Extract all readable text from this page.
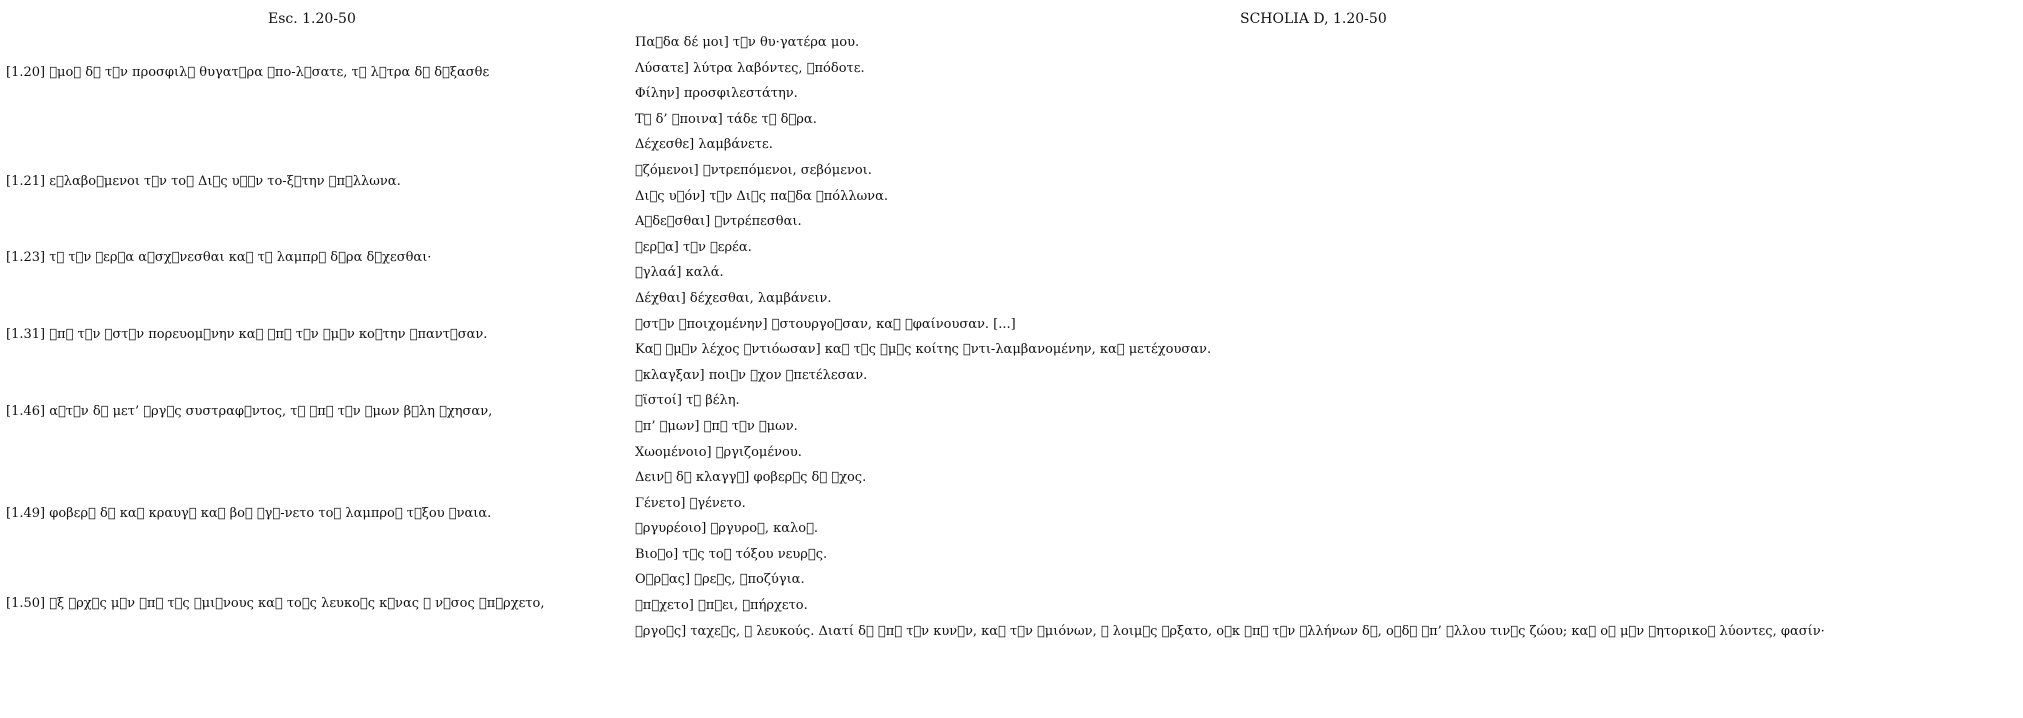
Esc. 1.20-50	SCHOLIA D, 1.20-50
[1.20] μο δ τ ν προσφιλ θυγατ ρα πο-λ σατε, τ λ τρα δ δ ξασθε
[1.21] ε λαβο μενοι τ ν το Δι ς υ ν το-ξ την π λλωνα.
[1.23] τ τ ν ερ α α σχ νεσθαι κα τ λαμπρ δ ρα δ χεσθαι·
[1.31] π τ ν στ ν πορευομ νην κα π τ ν μ ν κο την παντ σαν.
[1.46] α τ ν δ μετ’ ργ ς συστραφ ντος, τ π τ ν μων β λη χησαν,
[1.49] φοβερ δ κα κραυγ κα βο γ -νετο το λαμπρο τ ξου ναια.
[1.50] ξ ρχ ς μ ν π τ ς μι νους κα το ς λευκο ς κ νας ν σος π ρχετο,
Πα δα δέ μοι] τ ν θυ·γατέρα μου.
Λύσατε] λύτρα λαβόντες, πόδοτε.
Φίλην] προσφιλεστάτην.
Τ δ’ ποινα] τάδε τ δ ρα.
Δέχεσθε] λαμβάνετε.
ζόμενοι] ντρεπόμενοι, σεβόμενοι.
Δι ς υ όν] τ ν Δι ς πα δα πόλλωνα.
Α δε σθαι] ντρέπεσθαι.
ερ α] τ ν ερέα.
γλαά] καλά.
Δέχθαι] δέχεσθαι, λαμβάνειν.
στ ν ποιχομένην] στουργο σαν, κα φαίνουσαν. [...]
Κα μ ν λέχος ντιόωσαν] κα τ ς μ ς κοίτης ντι-λαμβανομένην, κα μετέχουσαν.
κλαγξαν] ποι ν χον πετέλεσαν.
ϊστοί] τ βέλη.
π’ μων] π τ ν μων.
Χωομένοιο] ργιζομένου.
Δειν δ κλαγγ ] φοβερ ς δ χος.
Γένετο] γένετο.
ργυρέοιο] ργυρο , καλο .
Βιο ο] τ ς το τόξου νευρ ς.
Ο ρ ας] ρε ς, ποζύγια.
π χετο] π ει, πήρχετο.
ργο ς] ταχε ς, λευκούς. Διατί δ π τ ν κυν ν, κα τ ν μιόνων, λοιμ ς ρξατο, ο κ π τ ν λλήνων δ , ο δ π’ λλου τιν ς ζώου; κα ο μ ν ητορικο λύοντες, φασίν·
